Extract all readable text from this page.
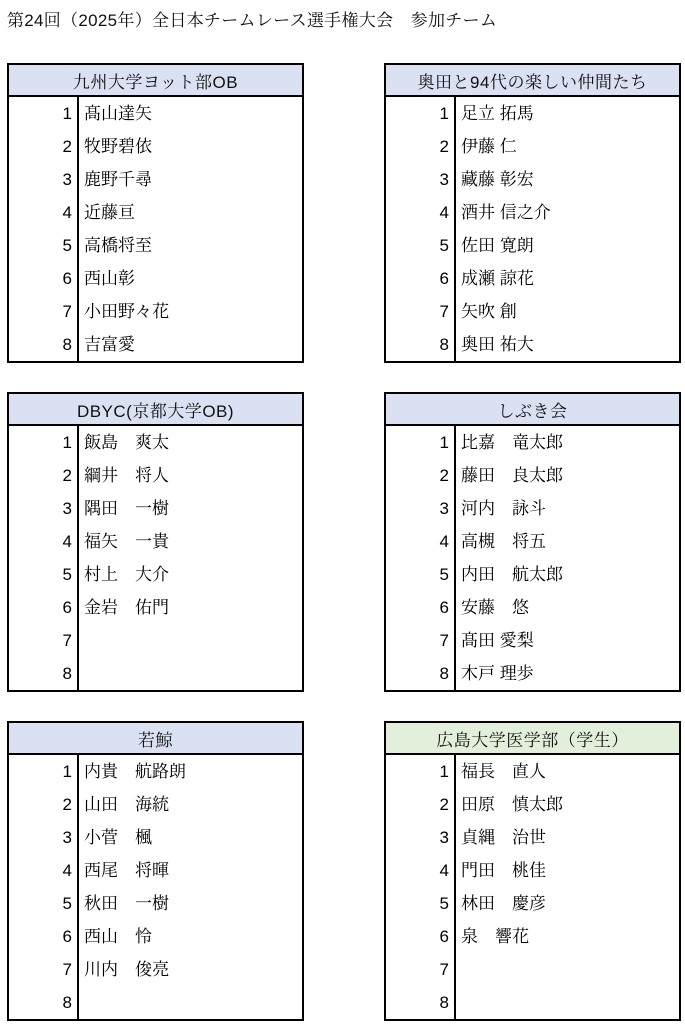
第24回（2025年）全日本チームレース選手権大会　参加チーム
九州大学ヨット部OB
1 髙山達矢
2 牧野碧依
3 鹿野千尋
4 近藤亘
5 高橋将至
6 西山彰
7 小田野々花
8 吉富愛
奥田と94代の楽しい仲間たち
1 足立 拓馬
2 伊藤 仁
3 藏藤 彰宏
4 酒井 信之介
5 佐田 寛朗
6 成瀬 諒花
7 矢吹 創
8 奥田 祐大
DBYC(京都大学OB)
1 飯島　爽太
2 綱井　将人
3 隅田　一樹
4 福矢　一貴
5 村上　大介
6 金岩　佑門
7
8
しぶき会
1 比嘉　竜太郎
2 藤田　良太郎
3 河内　詠斗
4 高槻　将五
5 内田　航太郎
6 安藤　悠
7 髙田 愛梨
8 木戸 理歩
若鯨
1 内貴　航路朗
2 山田　海統
3 小菅　楓
4 西尾　将暉
5 秋田　一樹
6 西山　怜
7 川内　俊亮
8
広島大学医学部（学生）
1 福長　直人
2 田原　慎太郎
3 貞縄　治世
4 門田　桃佳
5 林田　慶彦
6 泉　響花
7
8
